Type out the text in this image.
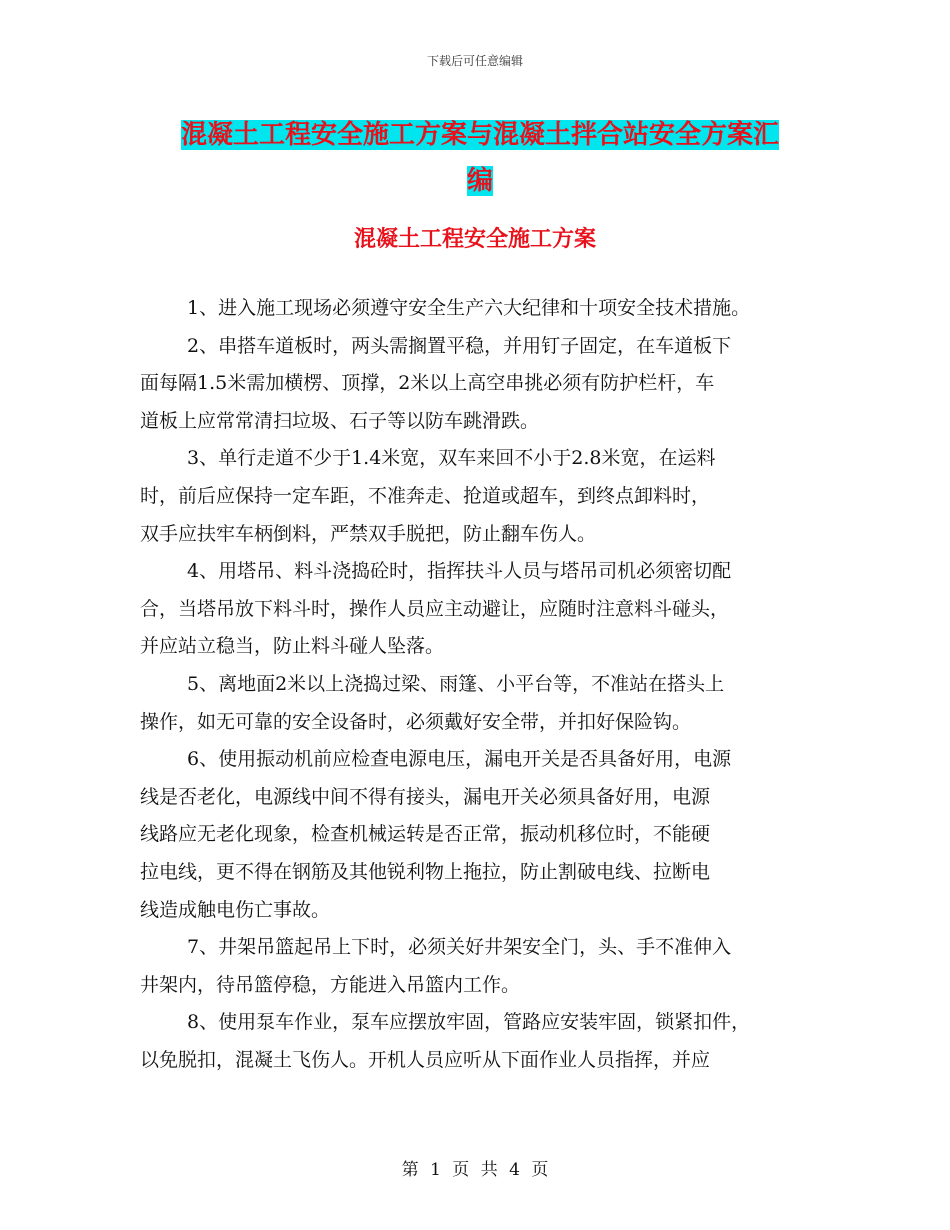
下载后可任意编辑
混凝土工程安全施工方案与混凝土拌合站安全方案汇
编
混凝土工程安全施工方案
1、进入施工现场必须遵守安全生产六大纪律和十项安全技术措施。
2、串搭车道板时，两头需搁置平稳，并用钉子固定，在车道板下
面每隔1.5米需加横楞、顶撑，2米以上高空串挑必须有防护栏杆，车
道板上应常常清扫垃圾、石子等以防车跳滑跌。
3、单行走道不少于1.4米宽，双车来回不小于2.8米宽，在运料
时，前后应保持一定车距，不准奔走、抢道或超车，到终点卸料时，
双手应扶牢车柄倒料，严禁双手脱把，防止翻车伤人。
4、用塔吊、料斗浇捣砼时，指挥扶斗人员与塔吊司机必须密切配
合，当塔吊放下料斗时，操作人员应主动避让，应随时注意料斗碰头，
并应站立稳当，防止料斗碰人坠落。
5、离地面2米以上浇捣过梁、雨篷、小平台等，不准站在搭头上
操作，如无可靠的安全设备时，必须戴好安全带，并扣好保险钩。
6、使用振动机前应检查电源电压，漏电开关是否具备好用，电源
线是否老化，电源线中间不得有接头，漏电开关必须具备好用，电源
线路应无老化现象，检查机械运转是否正常，振动机移位时，不能硬
拉电线，更不得在钢筋及其他锐利物上拖拉，防止割破电线、拉断电
线造成触电伤亡事故。
7、井架吊篮起吊上下时，必须关好井架安全门，头、手不准伸入
井架内，待吊篮停稳，方能进入吊篮内工作。
8、使用泵车作业，泵车应摆放牢固，管路应安装牢固，锁紧扣件，
以免脱扣，混凝土飞伤人。开机人员应听从下面作业人员指挥，并应
第 1 页 共 4 页
